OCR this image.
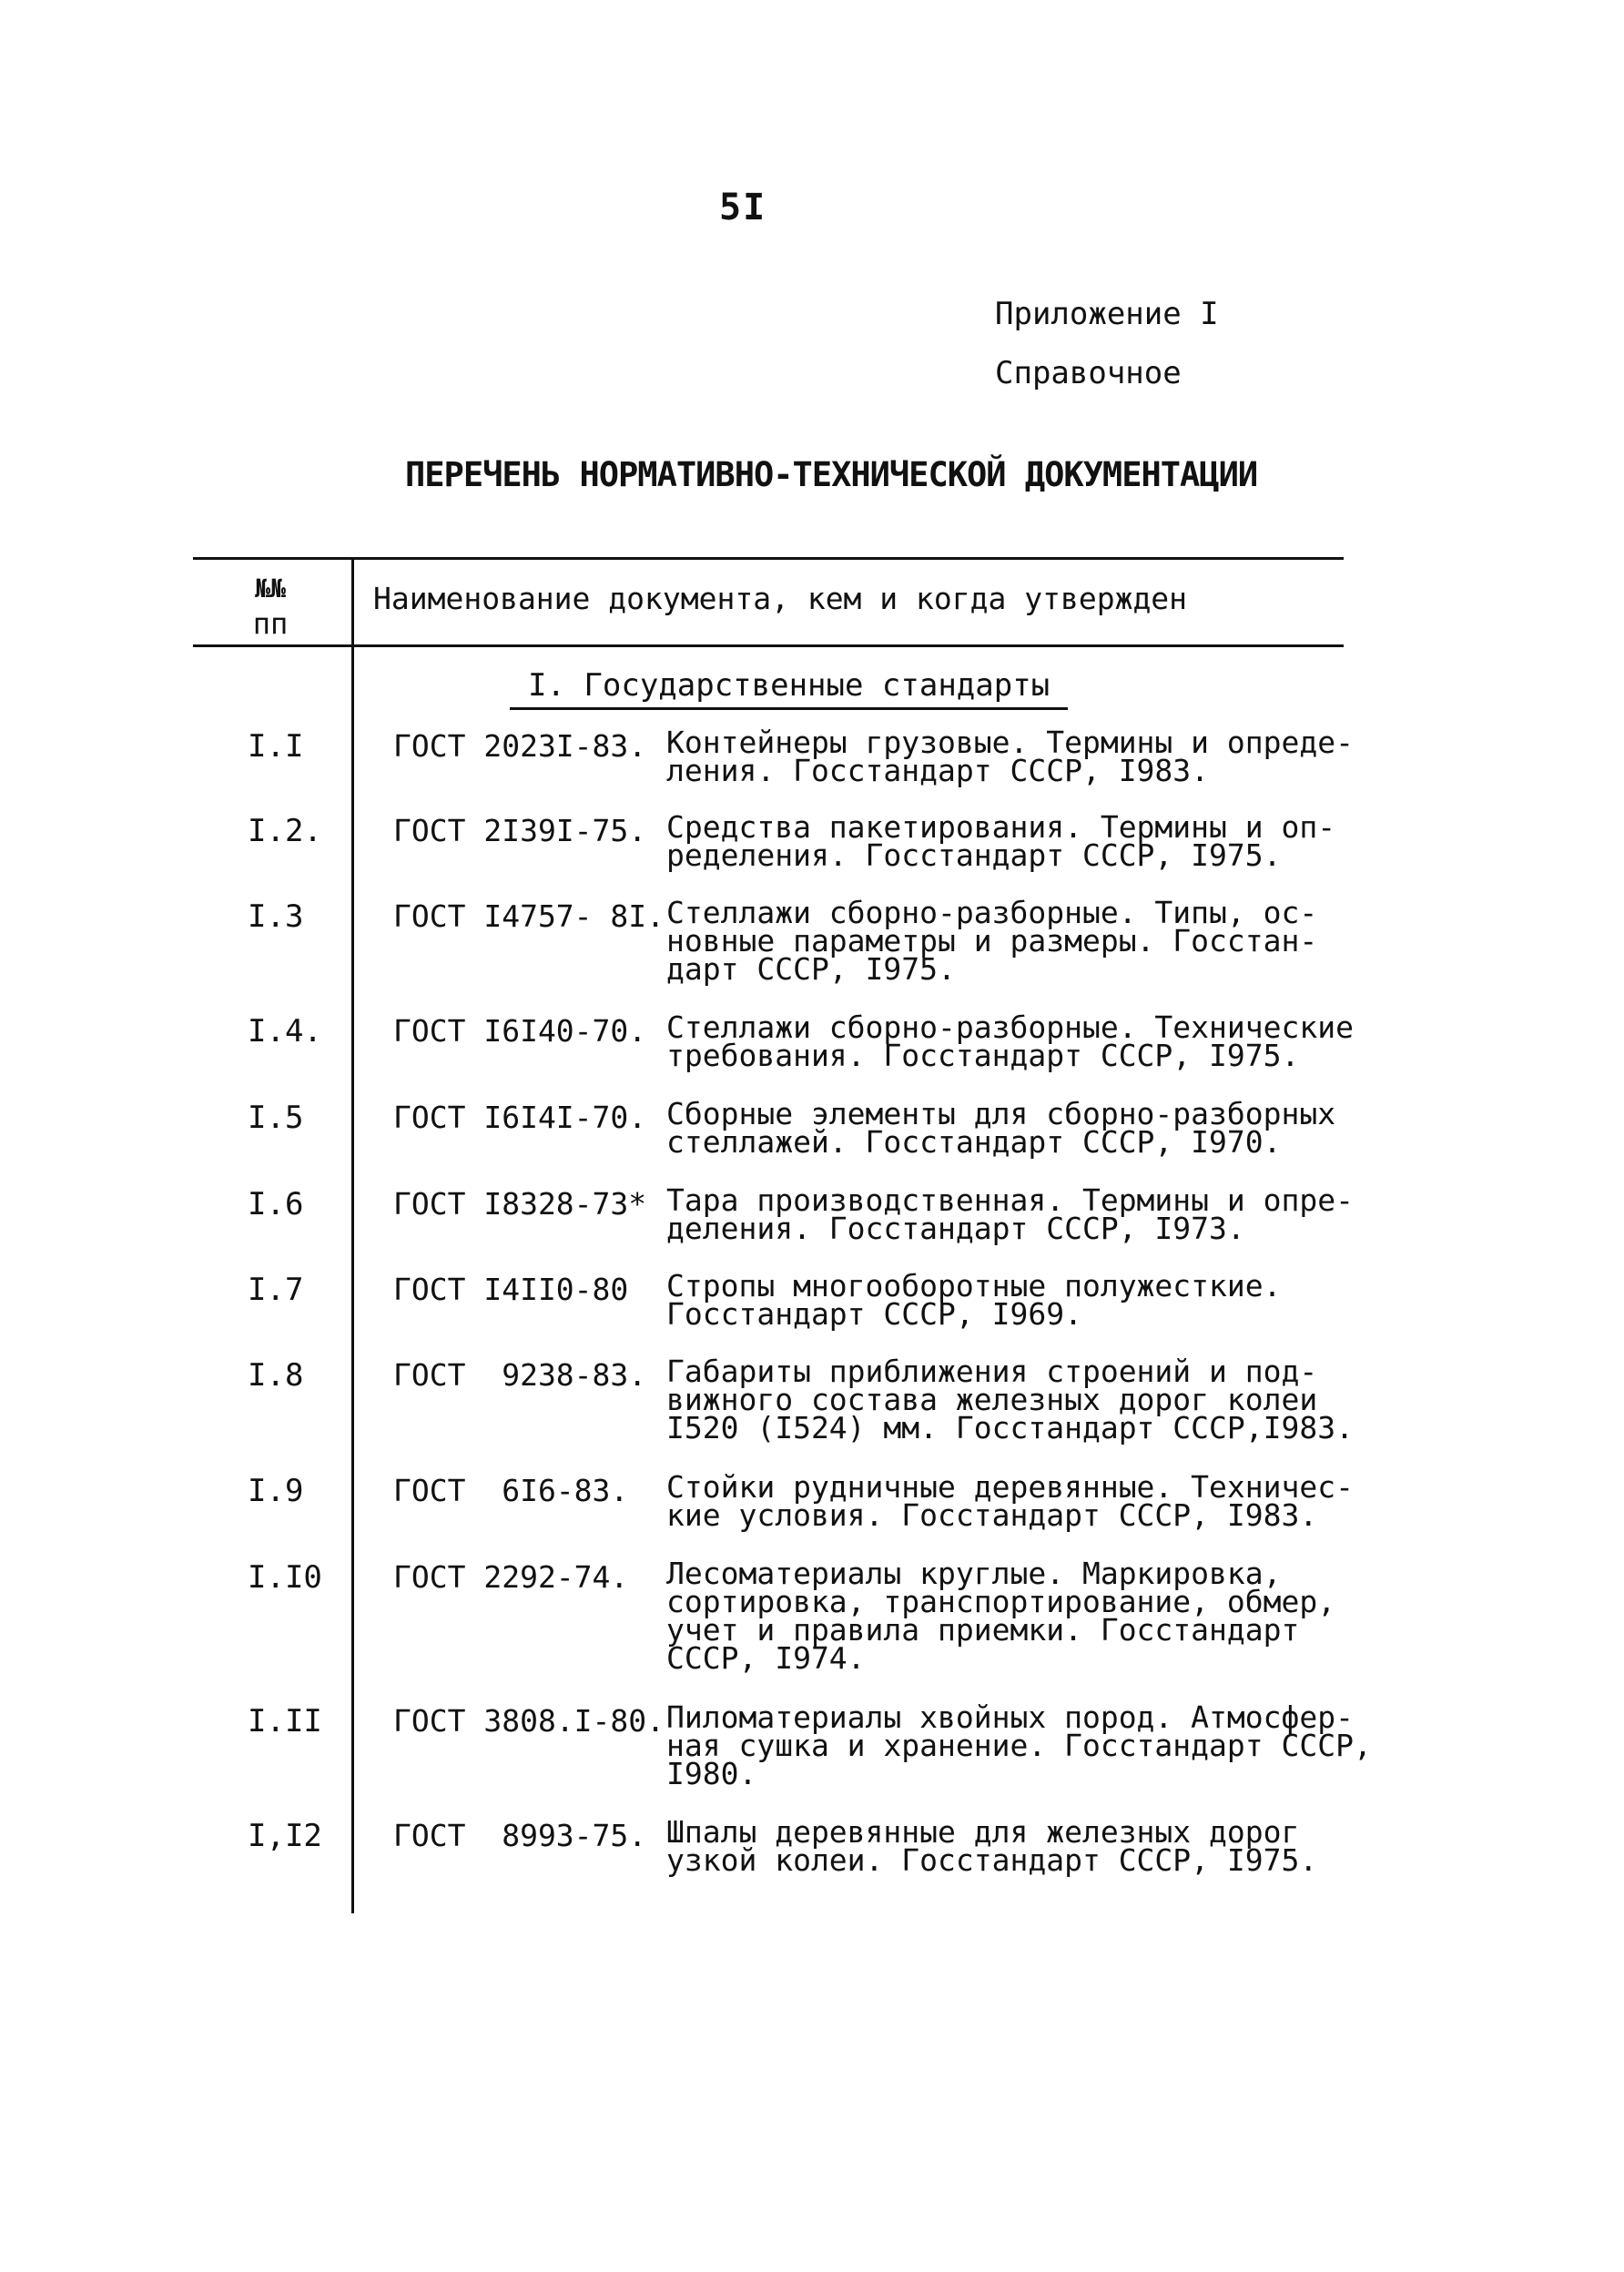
5I
Приложение I
Справочное
ПЕРЕЧЕНЬ НОРМАТИВНО-ТЕХНИЧЕСКОЙ ДОКУМЕНТАЦИИ
№№
пп
Наименование документа, кем и когда утвержден
I. Государственные стандарты
I.I	ГОСТ 2023I-83. Контейнеры грузовые. Термины и опреде-
ления. Госстандарт СССР, I983.
I.2. ГОСТ 2I39I-75. Средства пакетирования. Термины и оп-
ределения. Госстандарт СССР, I975.
I.3	ГОСТ I4757- 8I. Стеллажи сборно-разборные. Типы, ос-
новные параметры и размеры. Госстан-
дарт СССР, I975.
I.4. ГОСТ I6I40-70. Стеллажи сборно-разборные. Технические
требования. Госстандарт СССР, I975.
I.5	ГОСТ I6I4I-70. Сборные элементы для сборно-разборных
стеллажей. Госстандарт СССР, I970.
I.6	ГОСТ I8328-73* Тара производственная. Термины и опре-
деления. Госстандарт СССР, I973.
I.7	ГОСТ I4II0-80 Стропы многооборотные полужесткие.
Госстандарт СССР, I969.
I.8	ГОСТ  9238-83. Габариты приближения строений и под-
вижного состава железных дорог колеи
I520 (I524) мм. Госстандарт СССР,I983.
I.9	ГОСТ  6I6-83. Стойки рудничные деревянные. Техничес-
кие условия. Госстандарт СССР, I983.
I.I0 ГОСТ 2292-74. Лесоматериалы круглые. Маркировка,
сортировка, транспортирование, обмер,
учет и правила приемки. Госстандарт
СССР, I974.
I.II ГОСТ 3808.I-80. Пиломатериалы хвойных пород. Атмосфер-
ная сушка и хранение. Госстандарт СССР,
I980.
I,I2 ГОСТ  8993-75. Шпалы деревянные для железных дорог
узкой колеи. Госстандарт СССР, I975.
